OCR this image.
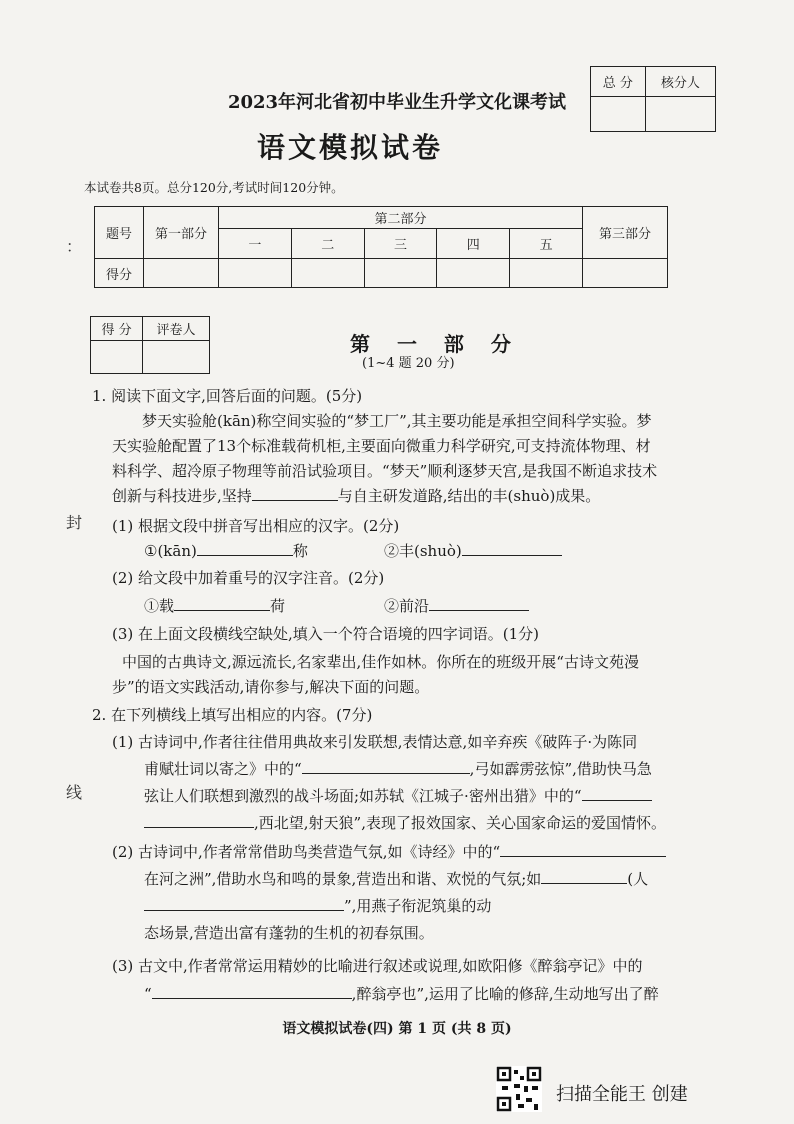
总 分	核分人

2023年河北省初中毕业生升学文化课考试
语文模拟试卷
本试卷共8页。总分120分,考试时间120分钟。
题号	第一部分	第二部分					第三部分
		一	二	三	四	五	
得分							
得 分	评卷人

第 一 部 分
(1~4 题 20 分)
：
封
线
1. 阅读下面文字,回答后面的问题。(5分)
梦天实验舱(kān)称空间实验的“梦工厂”,其主要功能是承担空间科学实验。梦
天实验舱配置了13个标准载荷机柜,主要面向微重力科学研究,可支持流体物理、材
料科学、超冷原子物理等前沿试验项目。“梦天”顺利逐梦天宫,是我国不断追求技术
创新与科技进步,坚持	与自主研发道路,结出的丰(shuò)成果。
(1) 根据文段中拼音写出相应的汉字。(2分)
①(kān)	称	②丰(shuò)
(2) 给文段中加着重号的汉字注音。(2分)
①载	荷	②前沿
(3) 在上面文段横线空缺处,填入一个符合语境的四字词语。(1分)
中国的古典诗文,源远流长,名家辈出,佳作如林。你所在的班级开展“古诗文苑漫
步”的语文实践活动,请你参与,解决下面的问题。
2. 在下列横线上填写出相应的内容。(7分)
(1) 古诗词中,作者往往借用典故来引发联想,表情达意,如辛弃疾《破阵子·为陈同
甫赋壮词以寄之》中的“	,弓如霹雳弦惊”,借助快马急
弦让人们联想到激烈的战斗场面;如苏轼《江城子·密州出猎》中的“
,西北望,射天狼”,表现了报效国家、关心国家命运的爱国情怀。
(2) 古诗词中,作者常常借助鸟类营造气氛,如《诗经》中的“
在河之洲”,借助水鸟和鸣的景象,营造出和谐、欢悦的气氛;如	(人
”,用燕子衔泥筑巢的动
态场景,营造出富有蓬勃的生机的初春氛围。
(3) 古文中,作者常常运用精妙的比喻进行叙述或说理,如欧阳修《醉翁亭记》中的
“	,醉翁亭也”,运用了比喻的修辞,生动地写出了醉
语文模拟试卷(四) 第 1 页 (共 8 页)
扫描全能王 创建
